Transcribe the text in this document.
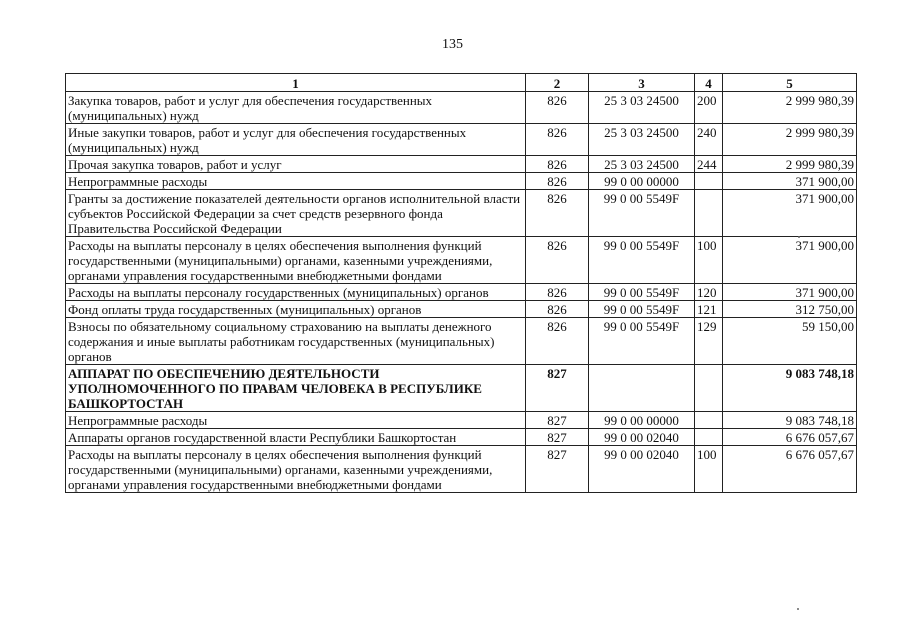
135
1	2	3	4	5
Закупка товаров, работ и услуг для обеспечения государственных (муниципальных) нужд	826	25 3 03 24500	200	2 999 980,39
Иные закупки товаров, работ и услуг для обеспечения государственных (муниципальных) нужд	826	25 3 03 24500	240	2 999 980,39
Прочая закупка товаров, работ и услуг	826	25 3 03 24500	244	2 999 980,39
Непрограммные расходы	826	99 0 00 00000		371 900,00
Гранты за достижение показателей деятельности органов исполнительной власти субъектов Российской Федерации за счет средств резервного фонда Правительства Российской Федерации	826	99 0 00 5549F		371 900,00
Расходы на выплаты персоналу в целях обеспечения выполнения функций государственными (муниципальными) органами, казенными учреждениями, органами управления государственными внебюджетными фондами	826	99 0 00 5549F	100	371 900,00
Расходы на выплаты персоналу государственных (муниципальных) органов	826	99 0 00 5549F	120	371 900,00
Фонд оплаты труда государственных (муниципальных) органов	826	99 0 00 5549F	121	312 750,00
Взносы по обязательному социальному страхованию на выплаты денежного содержания и иные выплаты работникам государственных (муниципальных) органов	826	99 0 00 5549F	129	59 150,00
АППАРАТ ПО ОБЕСПЕЧЕНИЮ ДЕЯТЕЛЬНОСТИ УПОЛНОМОЧЕННОГО ПО ПРАВАМ ЧЕЛОВЕКА В РЕСПУБЛИКЕ БАШКОРТОСТАН	827			9 083 748,18
Непрограммные расходы	827	99 0 00 00000		9 083 748,18
Аппараты органов государственной власти Республики Башкортостан	827	99 0 00 02040		6 676 057,67
Расходы на выплаты персоналу в целях обеспечения выполнения функций государственными (муниципальными) органами, казенными учреждениями, органами управления государственными внебюджетными фондами	827	99 0 00 02040	100	6 676 057,67
